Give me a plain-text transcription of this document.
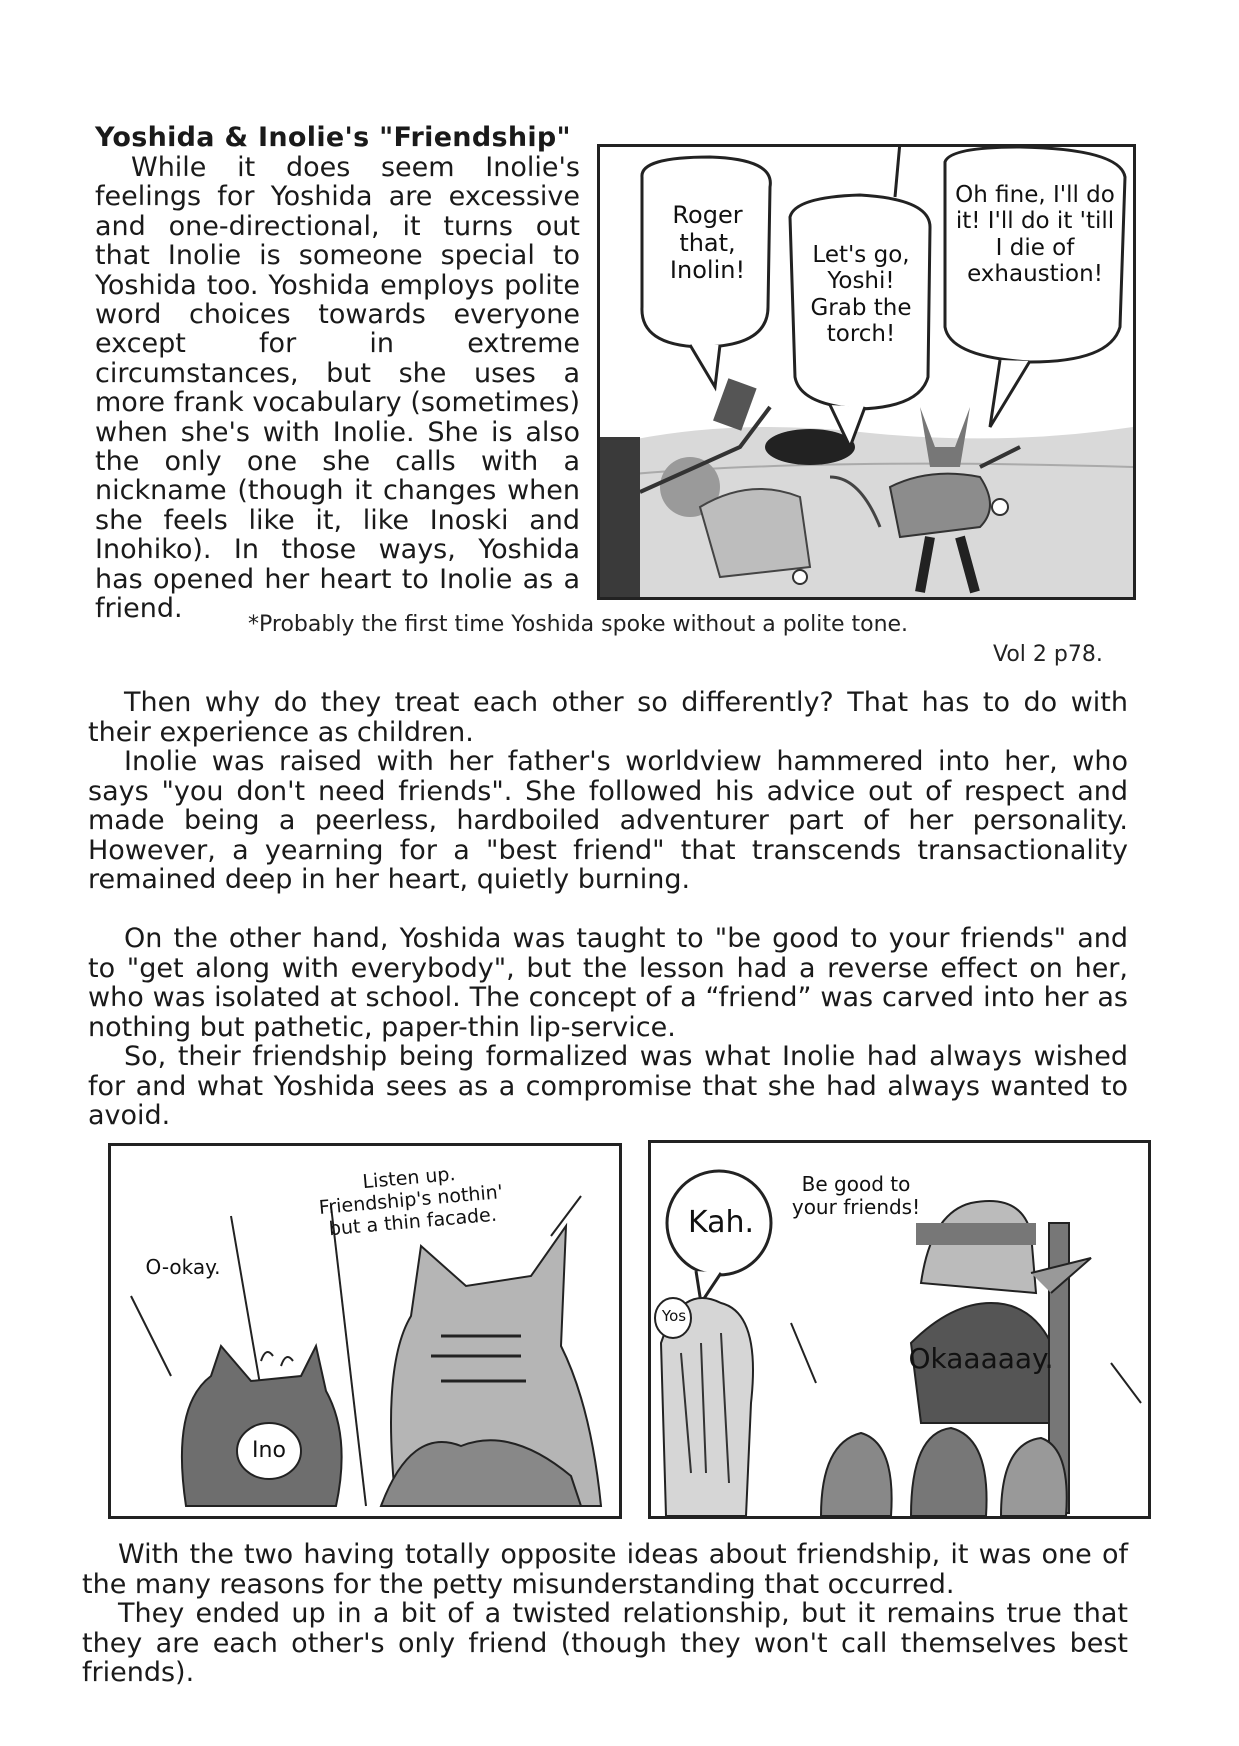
Yoshida & Inolie's "Friendship"
While it does seem Inolie's feelings for Yoshida are excessive and one-directional, it turns out that Inolie is someone special to Yoshida too. Yoshida employs polite word choices towards everyone except for in extreme circumstances, but she uses a more frank vocabulary (sometimes) when she's with Inolie. She is also the only one she calls with a nickname (though it changes when she feels like it, like Inoski and Inohiko). In those ways, Yoshida has opened her heart to Inolie as a friend.
Roger that, Inolin!
Let's go, Yoshi! Grab the torch!
Oh fine, I'll do it! I'll do it 'till I die of exhaustion!
*Probably the first time Yoshida spoke without a polite tone.
Vol 2 p78.
Then why do they treat each other so differently? That has to do with their experience as children.
Inolie was raised with her father's worldview hammered into her, who says "you don't need friends". She followed his advice out of respect and made being a peerless, hardboiled adventurer part of her personality. However, a yearning for a "best friend" that transcends transactionality remained deep in her heart, quietly burning.
On the other hand, Yoshida was taught to "be good to your friends" and to "get along with everybody", but the lesson had a reverse effect on her, who was isolated at school. The concept of a “friend” was carved into her as nothing but pathetic, paper-thin lip-service.
So, their friendship being formalized was what Inolie had always wished for and what Yoshida sees as a compromise that she had always wanted to avoid.
O-okay.
Listen up. Friendship's nothin' but a thin facade.
Ino
Kah.
Be good to your friends!
Yos
Okaaaaay.
With the two having totally opposite ideas about friendship, it was one of the many reasons for the petty misunderstanding that occurred.
They ended up in a bit of a twisted relationship, but it remains true that they are each other's only friend (though they won't call themselves best friends).
